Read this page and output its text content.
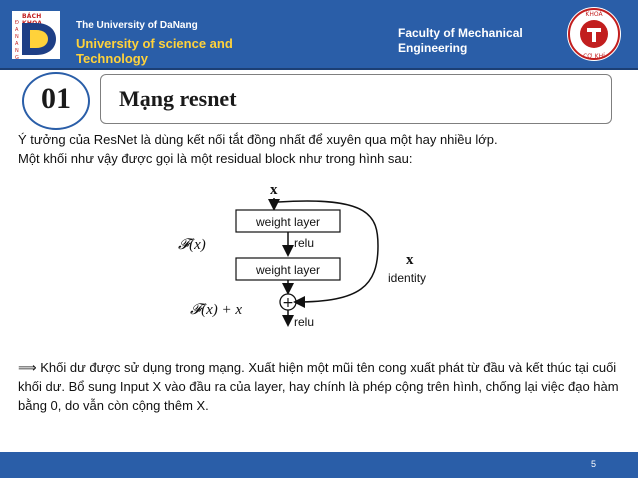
BÁCH
Đ
A
N
A
N
G
The University of DaNang
University of science and Technology
Faculty of Mechanical Engineering
KHOA
CƠ KHÍ
Mạng resnet
01
Ý tưởng của ResNet là dùng kết nối tắt đồng nhất để xuyên qua một hay nhiều lớp.
Một khối như vậy được gọi là một residual block như trong hình sau:
x
weight layer
relu
weight layer
+
relu
𝓕(x)
𝓕(x) + x
x
identity
⟹ Khối dư được sử dụng trong mạng. Xuất hiện một mũi tên cong xuất phát từ đầu và kết thúc tại cuối khối dư. Bổ sung Input X vào đầu ra của layer, hay chính là phép cộng trên hình, chống lại việc đạo hàm bằng 0, do vẫn còn cộng thêm X.
5
